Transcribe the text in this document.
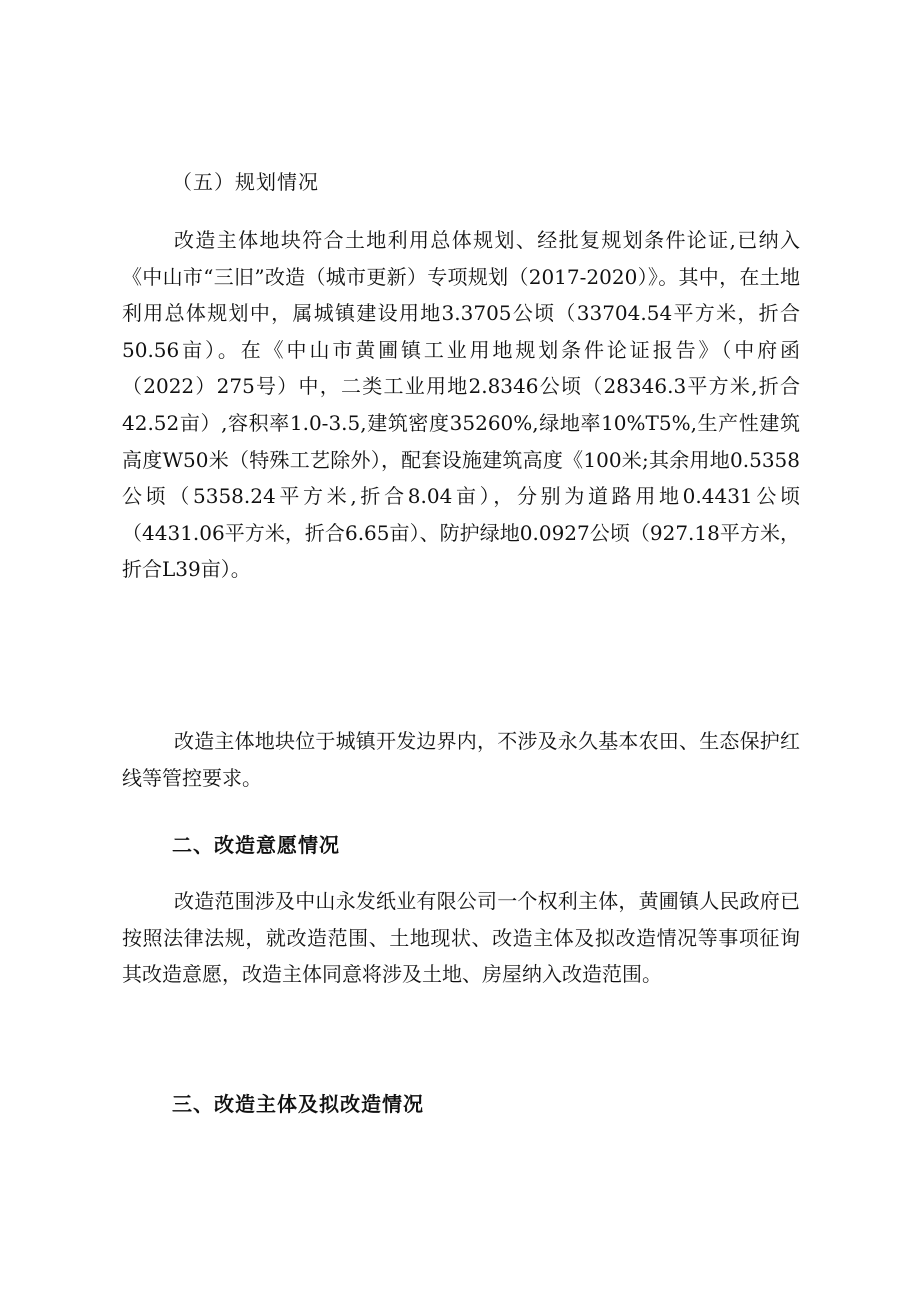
（五）规划情况

改造主体地块符合土地利用总体规划、经批复规划条件论证,已纳入《中山市“三旧”改造（城市更新）专项规划（2017-2020）》。其中，在土地利用总体规划中，属城镇建设用地3.3705公顷（33704.54平方米，折合50.56亩）。在《中山市黄圃镇工业用地规划条件论证报告》（中府函（2022）275号）中，二类工业用地2.8346公顷（28346.3平方米,折合42.52亩）,容积率1.0-3.5,建筑密度35260%,绿地率10%T5%,生产性建筑高度W50米（特殊工艺除外），配套设施建筑高度《100米;其余用地0.5358公顷（5358.24平方米,折合8.04亩），分别为道路用地0.4431公顷（4431.06平方米，折合6.65亩）、防护绿地0.0927公顷（927.18平方米，折合L39亩）。

改造主体地块位于城镇开发边界内，不涉及永久基本农田、生态保护红线等管控要求。

二、改造意愿情况

改造范围涉及中山永发纸业有限公司一个权利主体，黄圃镇人民政府已按照法律法规，就改造范围、土地现状、改造主体及拟改造情况等事项征询其改造意愿，改造主体同意将涉及土地、房屋纳入改造范围。

三、改造主体及拟改造情况
